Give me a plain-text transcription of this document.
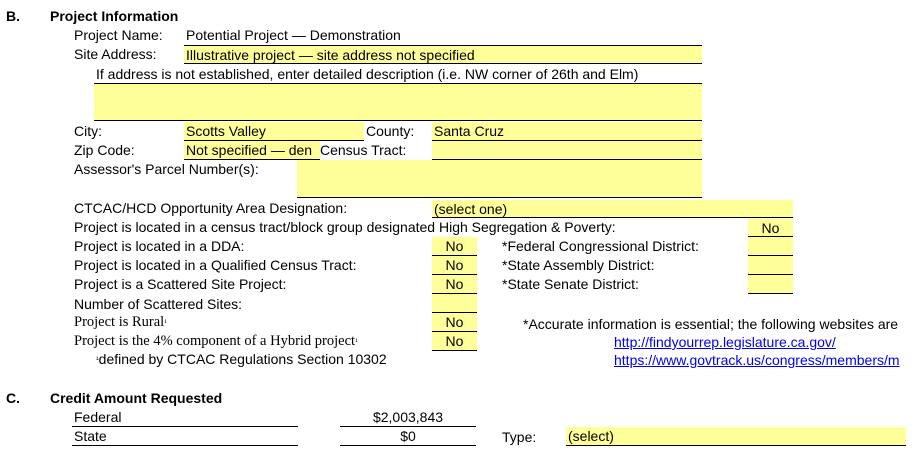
B. Project Information
Project Name: Potential Project — Demonstration
Site Address: Illustrative project — site address not specified
If address is not established, enter detailed description (i.e. NW corner of 26th and Elm)
City:	Scotts Valley	County: Santa Cruz
Zip Code:	Not specified — den Census Tract:
Assessor's Parcel Number(s):
CTCAC/HCD Opportunity Area Designation:	(select one)
Project is located in a census tract/block group designated High Segregation & Poverty:	No
Project is located in a DDA:	No	*Federal Congressional District:
Project is located in a Qualified Census Tract:	No	*State Assembly District:
Project is a Scattered Site Project:	No	*State Senate District:
Number of Scattered Sites:
Project is Rural$^{^1}$	No	*Accurate information is essential; the following websites are
Project is the 4% component of a Hybrid project$^{^1}$	No	http://findyourrep.legislature.ca.gov/
$^{^1}$defined by CTCAC Regulations Section 10302	https://www.govtrack.us/congress/members/m
C. Credit Amount Requested
Federal	$2,003,843
State	$0	Type: (select)
